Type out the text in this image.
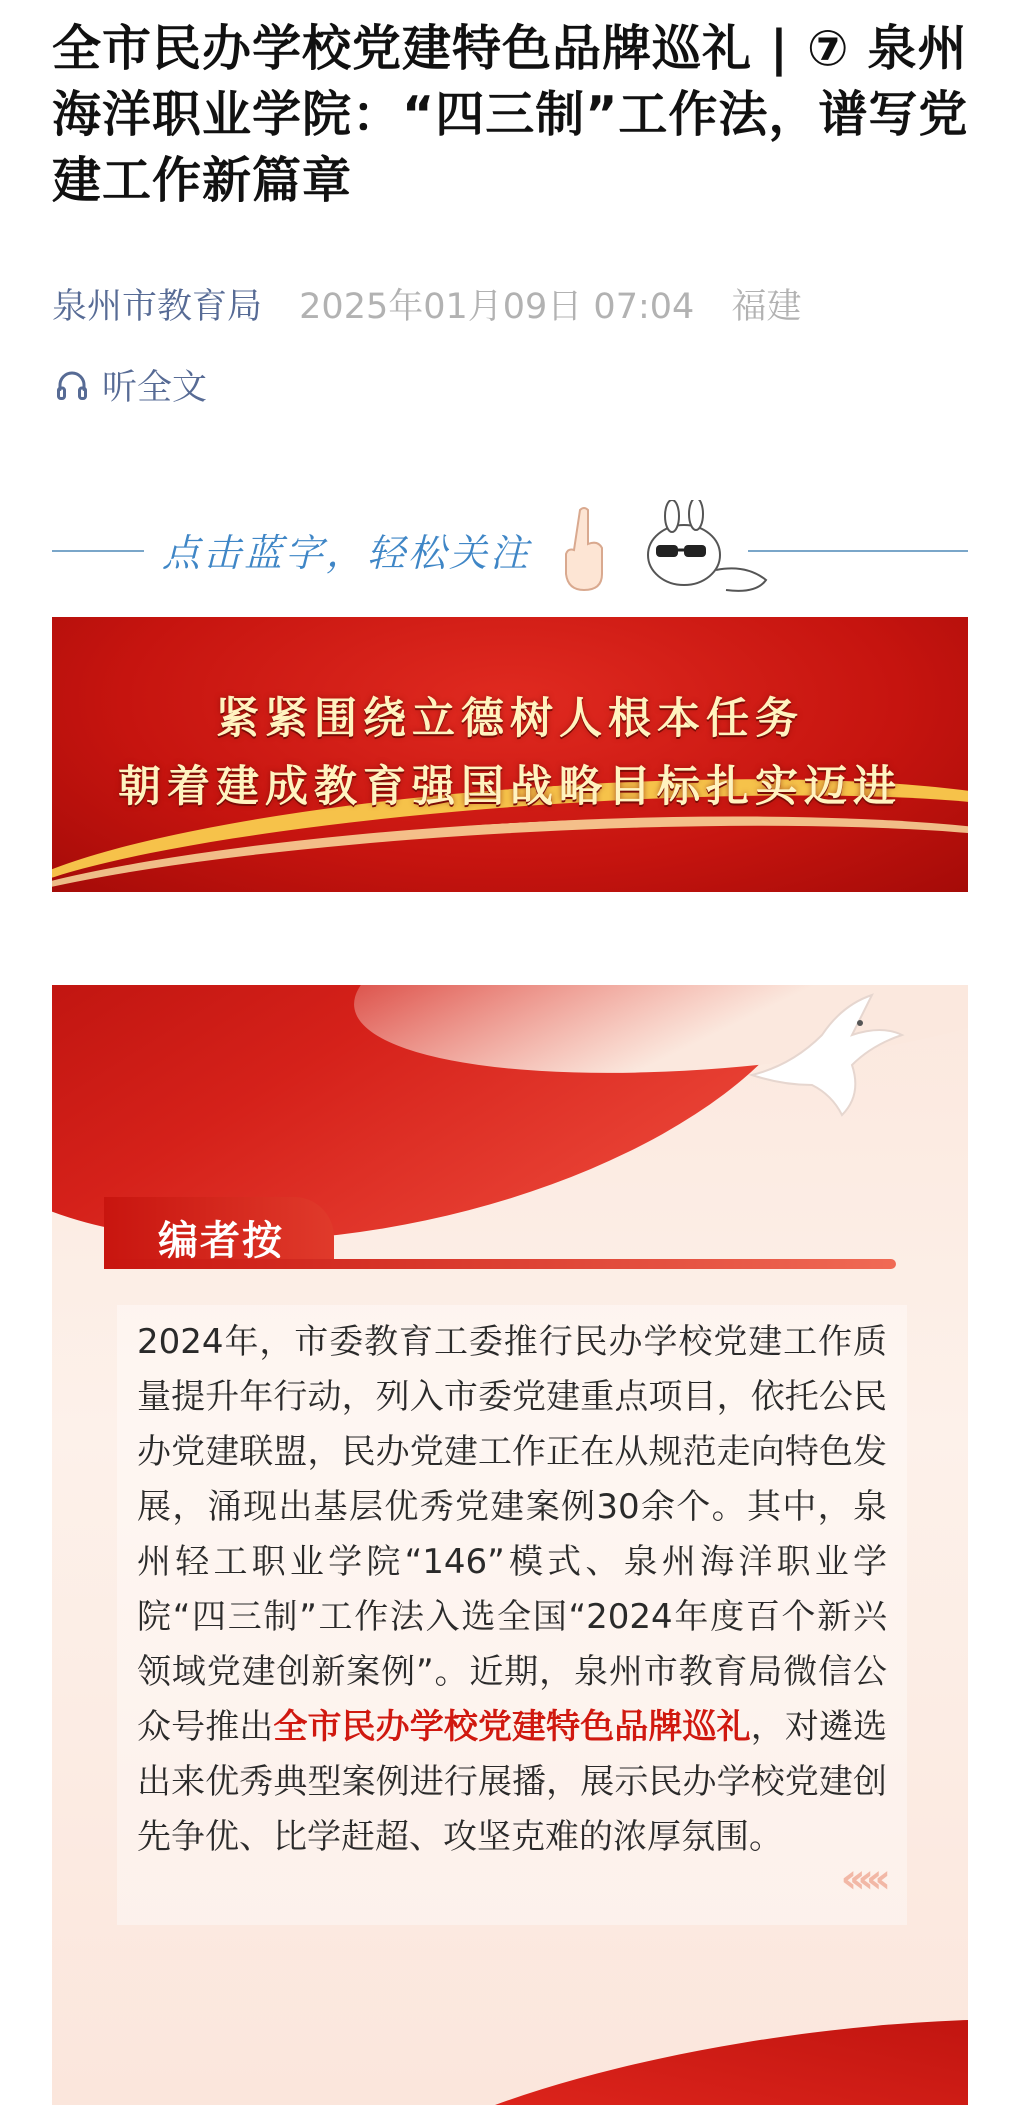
全市民办学校党建特色品牌巡礼 | ⑦ 泉州海洋职业学院：“四三制”工作法，谱写党建工作新篇章
泉州市教育局 2025年01月09日 07:04 福建
听全文
点击蓝字，轻松关注
紧紧围绕立德树人根本任务
朝着建成教育强国战略目标扎实迈进
编者按
2024年，市委教育工委推行民办学校党建工作质量提升年行动，列入市委党建重点项目，依托公民办党建联盟，民办党建工作正在从规范走向特色发展，涌现出基层优秀党建案例30余个。其中，泉州轻工职业学院“146”模式、泉州海洋职业学院“四三制”工作法入选全国“2024年度百个新兴领域党建创新案例”。近期，泉州市教育局微信公众号推出全市民办学校党建特色品牌巡礼，对遴选出来优秀典型案例进行展播，展示民办学校党建创先争优、比学赶超、攻坚克难的浓厚氛围。
‹‹‹‹‹
